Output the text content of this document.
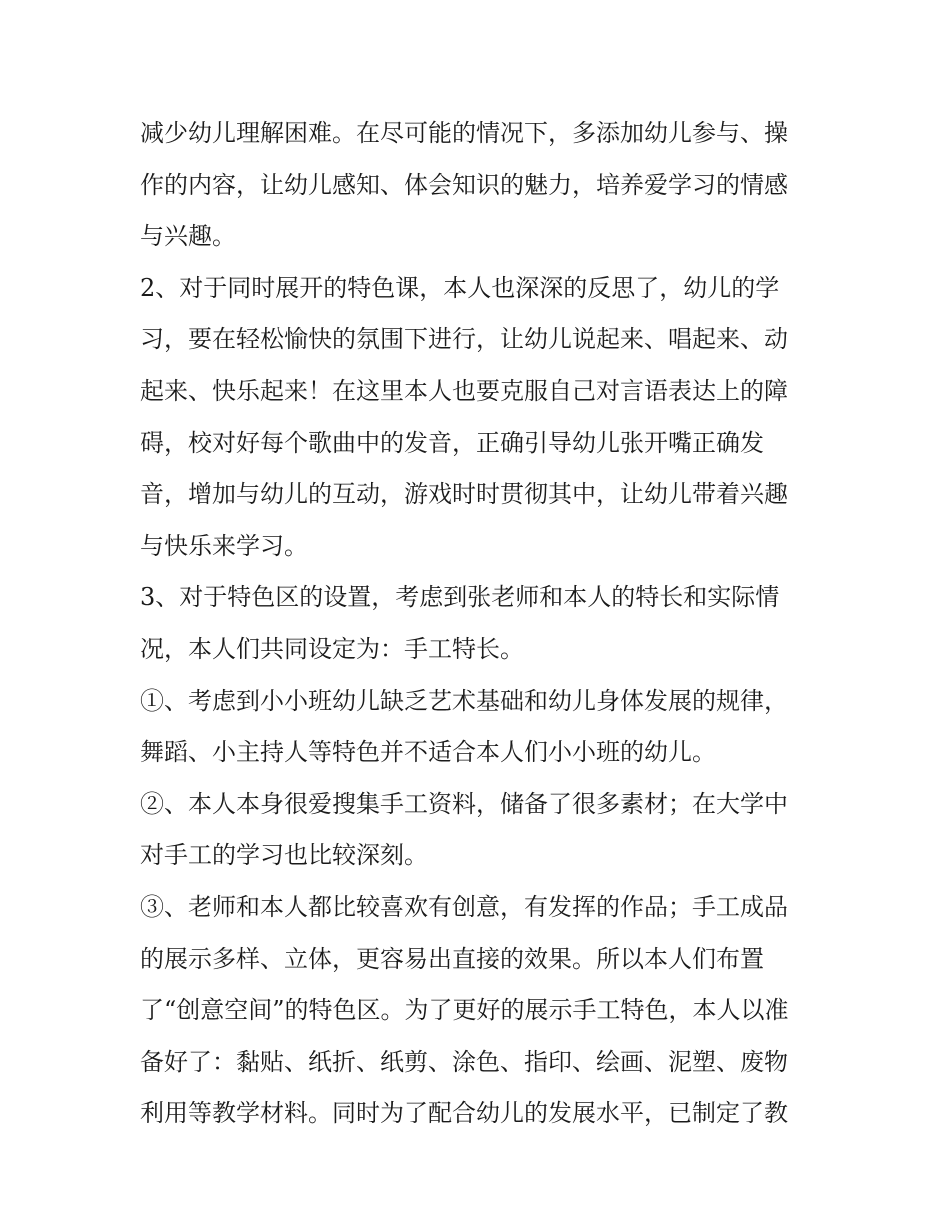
减少幼儿理解困难。在尽可能的情况下，多添加幼儿参与、操
作的内容，让幼儿感知、体会知识的魅力，培养爱学习的情感
与兴趣。
2、对于同时展开的特色课，本人也深深的反思了，幼儿的学
习，要在轻松愉快的氛围下进行，让幼儿说起来、唱起来、动
起来、快乐起来！在这里本人也要克服自己对言语表达上的障
碍，校对好每个歌曲中的发音，正确引导幼儿张开嘴正确发
音，增加与幼儿的互动，游戏时时贯彻其中，让幼儿带着兴趣
与快乐来学习。
3、对于特色区的设置，考虑到张老师和本人的特长和实际情
况，本人们共同设定为：手工特长。
①、考虑到小小班幼儿缺乏艺术基础和幼儿身体发展的规律，
舞蹈、小主持人等特色并不适合本人们小小班的幼儿。
②、本人本身很爱搜集手工资料，储备了很多素材；在大学中
对手工的学习也比较深刻。
③、老师和本人都比较喜欢有创意，有发挥的作品；手工成品
的展示多样、立体，更容易出直接的效果。所以本人们布置
了“创意空间”的特色区。为了更好的展示手工特色，本人以准
备好了：黏贴、纸折、纸剪、涂色、指印、绘画、泥塑、废物
利用等教学材料。同时为了配合幼儿的发展水平，已制定了教
